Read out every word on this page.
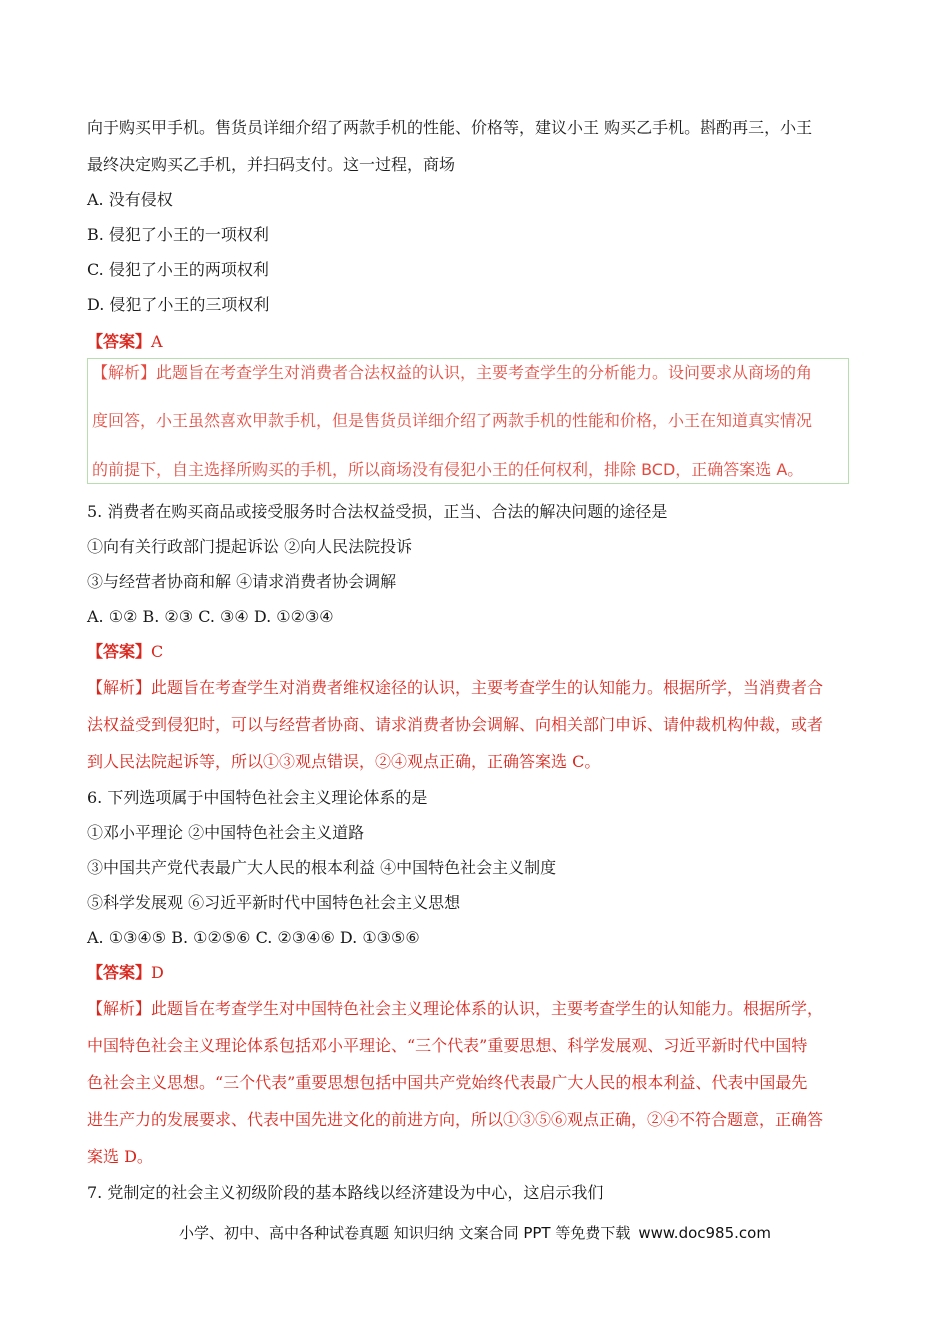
向于购买甲手机。售货员详细介绍了两款手机的性能、价格等，建议小王 购买乙手机。斟酌再三，小王
最终决定购买乙手机，并扫码支付。这一过程，商场
A. 没有侵权
B. 侵犯了小王的一项权利
C. 侵犯了小王的两项权利
D. 侵犯了小王的三项权利
【答案】A
【解析】此题旨在考查学生对消费者合法权益的认识，主要考查学生的分析能力。设问要求从商场的角
度回答，小王虽然喜欢甲款手机，但是售货员详细介绍了两款手机的性能和价格，小王在知道真实情况
的前提下，自主选择所购买的手机，所以商场没有侵犯小王的任何权利，排除 BCD，正确答案选 A。
5. 消费者在购买商品或接受服务时合法权益受损，正当、合法的解决问题的途径是
①向有关行政部门提起诉讼 ②向人民法院投诉
③与经营者协商和解 ④请求消费者协会调解
A. ①② B. ②③ C. ③④ D. ①②③④
【答案】C
【解析】此题旨在考查学生对消费者维权途径的认识，主要考查学生的认知能力。根据所学，当消费者合
法权益受到侵犯时，可以与经营者协商、请求消费者协会调解、向相关部门申诉、请仲裁机构仲裁，或者
到人民法院起诉等，所以①③观点错误，②④观点正确，正确答案选 C。
6. 下列选项属于中国特色社会主义理论体系的是
①邓小平理论 ②中国特色社会主义道路
③中国共产党代表最广大人民的根本利益 ④中国特色社会主义制度
⑤科学发展观 ⑥习近平新时代中国特色社会主义思想
A. ①③④⑤ B. ①②⑤⑥ C. ②③④⑥ D. ①③⑤⑥
【答案】D
【解析】此题旨在考查学生对中国特色社会主义理论体系的认识，主要考查学生的认知能力。根据所学，
中国特色社会主义理论体系包括邓小平理论、“三个代表”重要思想、科学发展观、习近平新时代中国特
色社会主义思想。“三个代表”重要思想包括中国共产党始终代表最广大人民的根本利益、代表中国最先
进生产力的发展要求、代表中国先进文化的前进方向，所以①③⑤⑥观点正确，②④不符合题意，正确答
案选 D。
7. 党制定的社会主义初级阶段的基本路线以经济建设为中心，这启示我们
小学、初中、高中各种试卷真题 知识归纳 文案合同 PPT 等免费下载 www.doc985.com
